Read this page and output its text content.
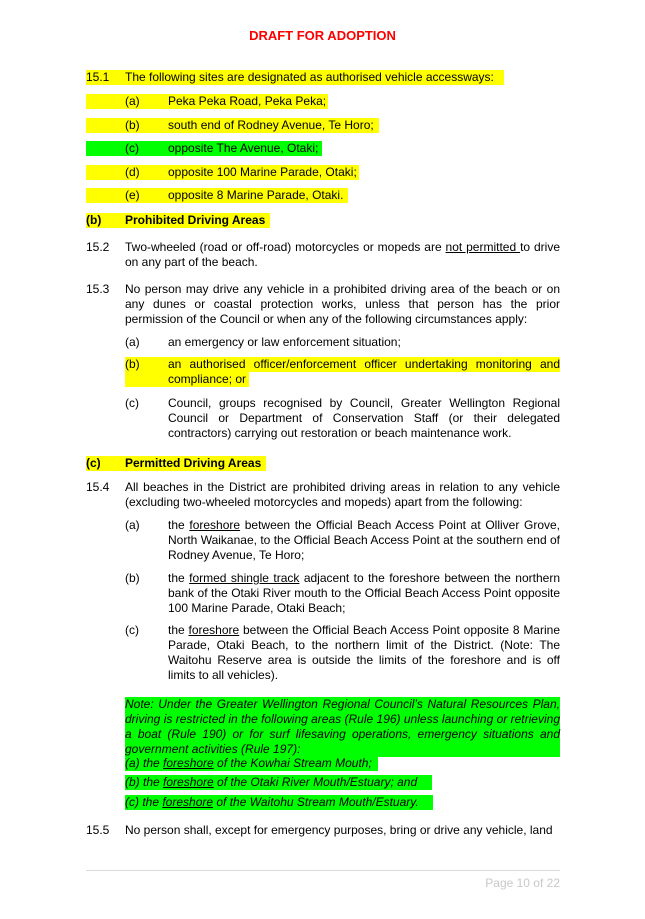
DRAFT FOR ADOPTION
15.1 The following sites are designated as authorised vehicle accessways:
(a) Peka Peka Road, Peka Peka;
(b) south end of Rodney Avenue, Te Horo;
(c) opposite The Avenue, Otaki;
(d) opposite 100 Marine Parade, Otaki;
(e) opposite 8 Marine Parade, Otaki.
(b) Prohibited Driving Areas
15.2 Two-wheeled (road or off-road) motorcycles or mopeds are not permitted to drive on any part of the beach.
15.3 No person may drive any vehicle in a prohibited driving area of the beach or on any dunes or coastal protection works, unless that person has the prior permission of the Council or when any of the following circumstances apply:
(a) an emergency or law enforcement situation;
(b) an authorised officer/enforcement officer undertaking monitoring and compliance; or
(c) Council, groups recognised by Council, Greater Wellington Regional Council or Department of Conservation Staff (or their delegated contractors) carrying out restoration or beach maintenance work.
(c) Permitted Driving Areas
15.4 All beaches in the District are prohibited driving areas in relation to any vehicle (excluding two-wheeled motorcycles and mopeds) apart from the following:
(a) the foreshore between the Official Beach Access Point at Olliver Grove, North Waikanae, to the Official Beach Access Point at the southern end of Rodney Avenue, Te Horo;
(b) the formed shingle track adjacent to the foreshore between the northern bank of the Otaki River mouth to the Official Beach Access Point opposite 100 Marine Parade, Otaki Beach;
(c) the foreshore between the Official Beach Access Point opposite 8 Marine Parade, Otaki Beach, to the northern limit of the District. (Note: The Waitohu Reserve area is outside the limits of the foreshore and is off limits to all vehicles).
Note: Under the Greater Wellington Regional Council’s Natural Resources Plan, driving is restricted in the following areas (Rule 196) unless launching or retrieving a boat (Rule 190) or for surf lifesaving operations, emergency situations and government activities (Rule 197):
(a) the foreshore of the Kowhai Stream Mouth;
(b) the foreshore of the Otaki River Mouth/Estuary; and
(c) the foreshore of the Waitohu Stream Mouth/Estuary.
15.5 No person shall, except for emergency purposes, bring or drive any vehicle, land
Page 10 of 22
